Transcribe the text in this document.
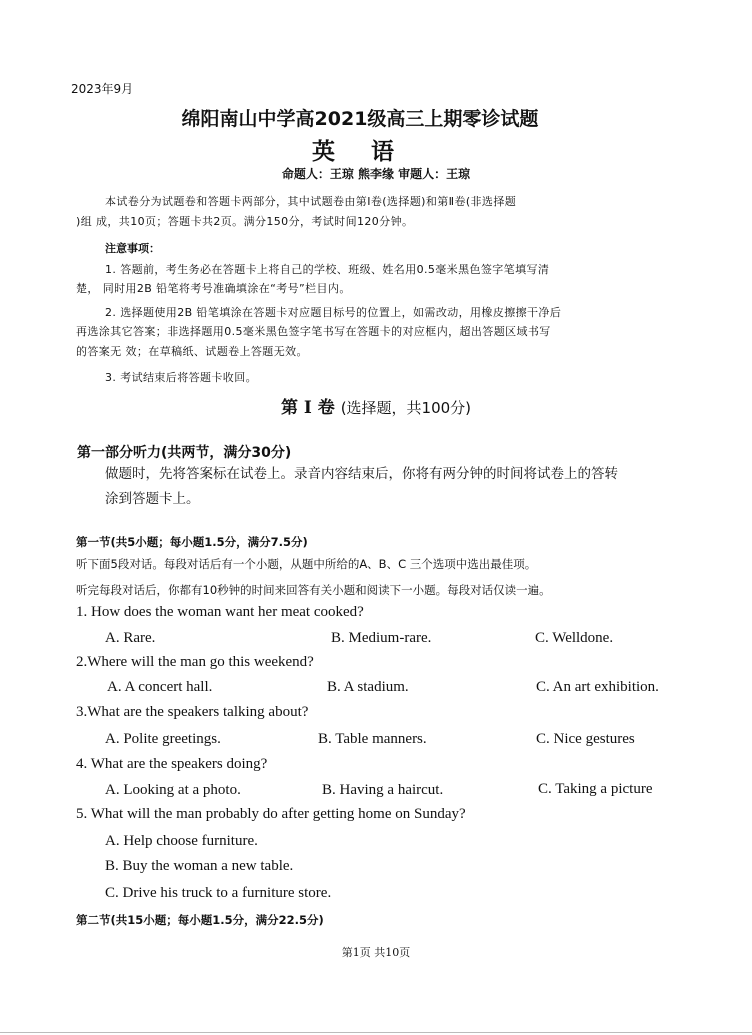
2023年9月
绵阳南山中学高2021级高三上期零诊试题
英 语
命题人：王琼 熊李缘 审题人：王琼
本试卷分为试题卷和答题卡两部分，其中试题卷由第Ⅰ卷(选择题)和第Ⅱ卷(非选择题
)组 成，共10页；答题卡共2页。满分150分，考试时间120分钟。
注意事项：
1. 答题前，考生务必在答题卡上将自己的学校、班级、姓名用0.5毫米黑色签字笔填写清
楚， 同时用2B 铅笔将考号准确填涂在“考号”栏目内。
2. 选择题使用2B 铅笔填涂在答题卡对应题目标号的位置上，如需改动，用橡皮擦擦干净后
再选涂其它答案；非选择题用0.5毫米黑色签字笔书写在答题卡的对应框内，超出答题区域书写
的答案无 效；在草稿纸、试题卷上答题无效。
3. 考试结束后将答题卡收回。
第 I 卷 (选择题，共100分)
第一部分听力(共两节，满分30分)
做题时，先将答案标在试卷上。录音内容结束后，你将有两分钟的时间将试卷上的答转
涂到答题卡上。
第一节(共5小题；每小题1.5分，满分7.5分)
听下面5段对话。每段对话后有一个小题，从题中所给的A、B、C 三个选项中选出最佳项。
听完每段对话后，你都有10秒钟的时间来回答有关小题和阅读下一小题。每段对话仅读一遍。
1. How does the woman want her meat cooked?
A. Rare.	B. Medium-rare.	C. Welldone.
2.Where will the man go this weekend?
A. A concert hall.	B. A stadium.	C. An art exhibition.
3.What are the speakers talking about?
A. Polite greetings.	B. Table manners.	C. Nice gestures
4. What are the speakers doing?
A. Looking at a photo.	B. Having a haircut.	C. Taking a picture
5. What will the man probably do after getting home on Sunday?
A. Help choose furniture.
B. Buy the woman a new table.
C. Drive his truck to a furniture store.
第二节(共15小题；每小题1.5分，满分22.5分)
第1页 共10页
